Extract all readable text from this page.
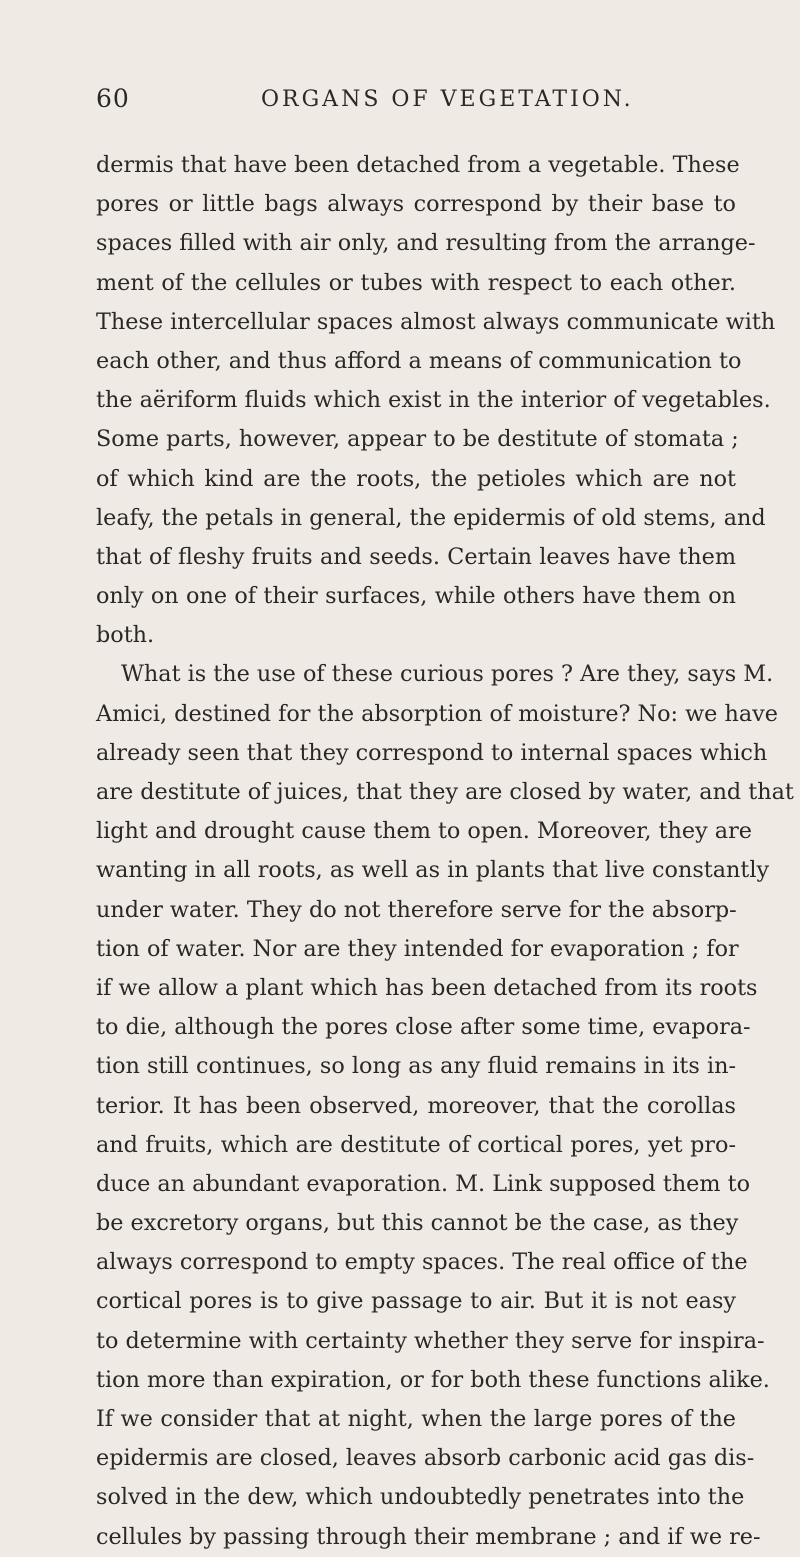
60	ORGANS OF VEGETATION.
dermis that have been detached from a vegetable. These
pores or little bags always correspond by their base to
spaces filled with air only, and resulting from the arrange-
ment of the cellules or tubes with respect to each other.
These intercellular spaces almost always communicate with
each other, and thus afford a means of communication to
the aëriform fluids which exist in the interior of vegetables.
Some parts, however, appear to be destitute of stomata ;
of which kind are the roots, the petioles which are not
leafy, the petals in general, the epidermis of old stems, and
that of fleshy fruits and seeds. Certain leaves have them
only on one of their surfaces, while others have them on
both.
What is the use of these curious pores ? Are they, says M.
Amici, destined for the absorption of moisture? No: we have
already seen that they correspond to internal spaces which
are destitute of juices, that they are closed by water, and that
light and drought cause them to open. Moreover, they are
wanting in all roots, as well as in plants that live constantly
under water. They do not therefore serve for the absorp-
tion of water. Nor are they intended for evaporation ; for
if we allow a plant which has been detached from its roots
to die, although the pores close after some time, evapora-
tion still continues, so long as any fluid remains in its in-
terior. It has been observed, moreover, that the corollas
and fruits, which are destitute of cortical pores, yet pro-
duce an abundant evaporation. M. Link supposed them to
be excretory organs, but this cannot be the case, as they
always correspond to empty spaces. The real office of the
cortical pores is to give passage to air. But it is not easy
to determine with certainty whether they serve for inspira-
tion more than expiration, or for both these functions alike.
If we consider that at night, when the large pores of the
epidermis are closed, leaves absorb carbonic acid gas dis-
solved in the dew, which undoubtedly penetrates into the
cellules by passing through their membrane ; and if we re-
